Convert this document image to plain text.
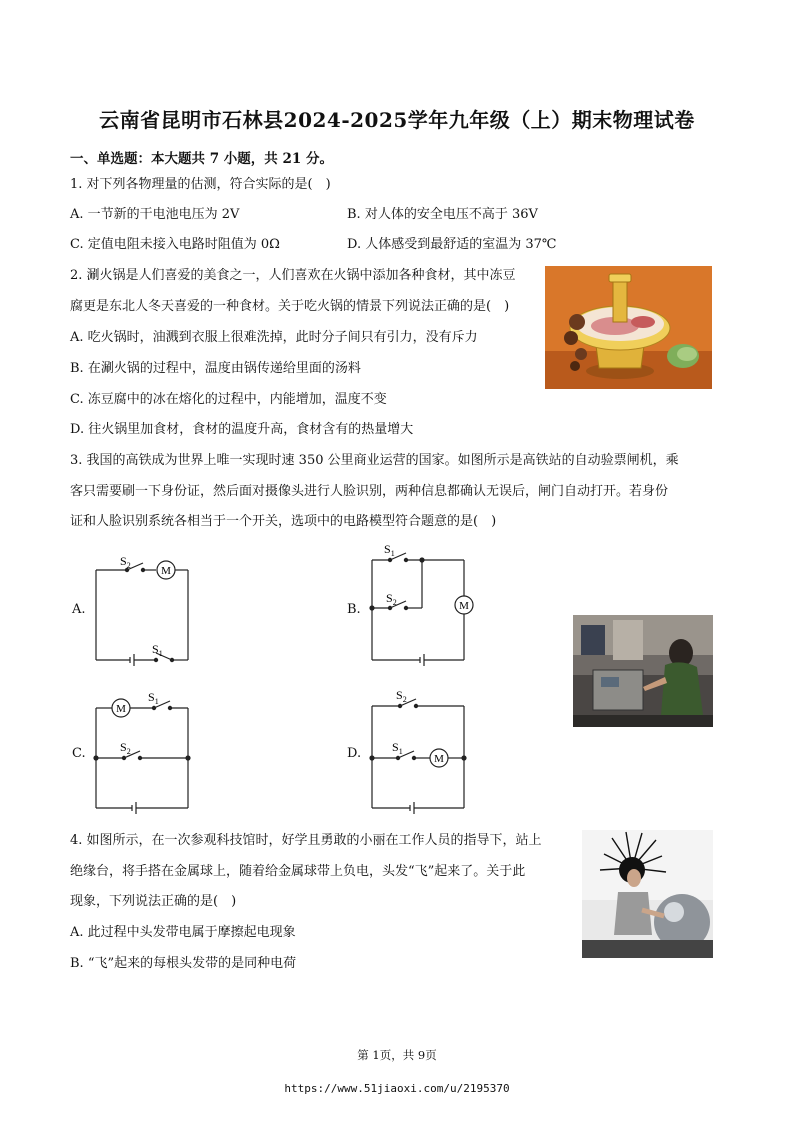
云南省昆明市石林县2024-2025学年九年级（上）期末物理试卷
一、单选题：本大题共 7 小题，共 21 分。
1. 对下列各物理量的估测，符合实际的是(　)
A. 一节新的干电池电压为 2V	B. 对人体的安全电压不高于 36V
C. 定值电阻未接入电路时阻值为 0Ω	D. 人体感受到最舒适的室温为 37℃
2. 涮火锅是人们喜爱的美食之一，人们喜欢在火锅中添加各种食材，其中冻豆
腐更是东北人冬天喜爱的一种食材。关于吃火锅的情景下列说法正确的是(　)
A. 吃火锅时，油溅到衣服上很难洗掉，此时分子间只有引力，没有斥力
B. 在涮火锅的过程中，温度由锅传递给里面的汤料
C. 冻豆腐中的冰在熔化的过程中，内能增加，温度不变
D. 往火锅里加食材，食材的温度升高，食材含有的热量增大
3. 我国的高铁成为世界上唯一实现时速 350 公里商业运营的国家。如图所示是高铁站的自动验票闸机，乘
客只需要刷一下身份证，然后面对摄像头进行人脸识别，两种信息都确认无误后，闸门自动打开。若身份
证和人脸识别系统各相当于一个开关，选项中的电路模型符合题意的是(　)
A.
M
$S_2$
$S_1$
B.	M
$S_1$
$S_2$
C.
M
$S_1$
$S_2$	D.	M
$S_2$
$S_1$
4. 如图所示，在一次参观科技馆时，好学且勇敢的小丽在工作人员的指导下，站上
绝缘台，将手搭在金属球上，随着给金属球带上负电，头发“飞”起来了。关于此
现象，下列说法正确的是(　)
A. 此过程中头发带电属于摩擦起电现象
B. “飞”起来的每根头发带的是同种电荷
第 1页，共 9页
https://www.51jiaoxi.com/u/2195370
